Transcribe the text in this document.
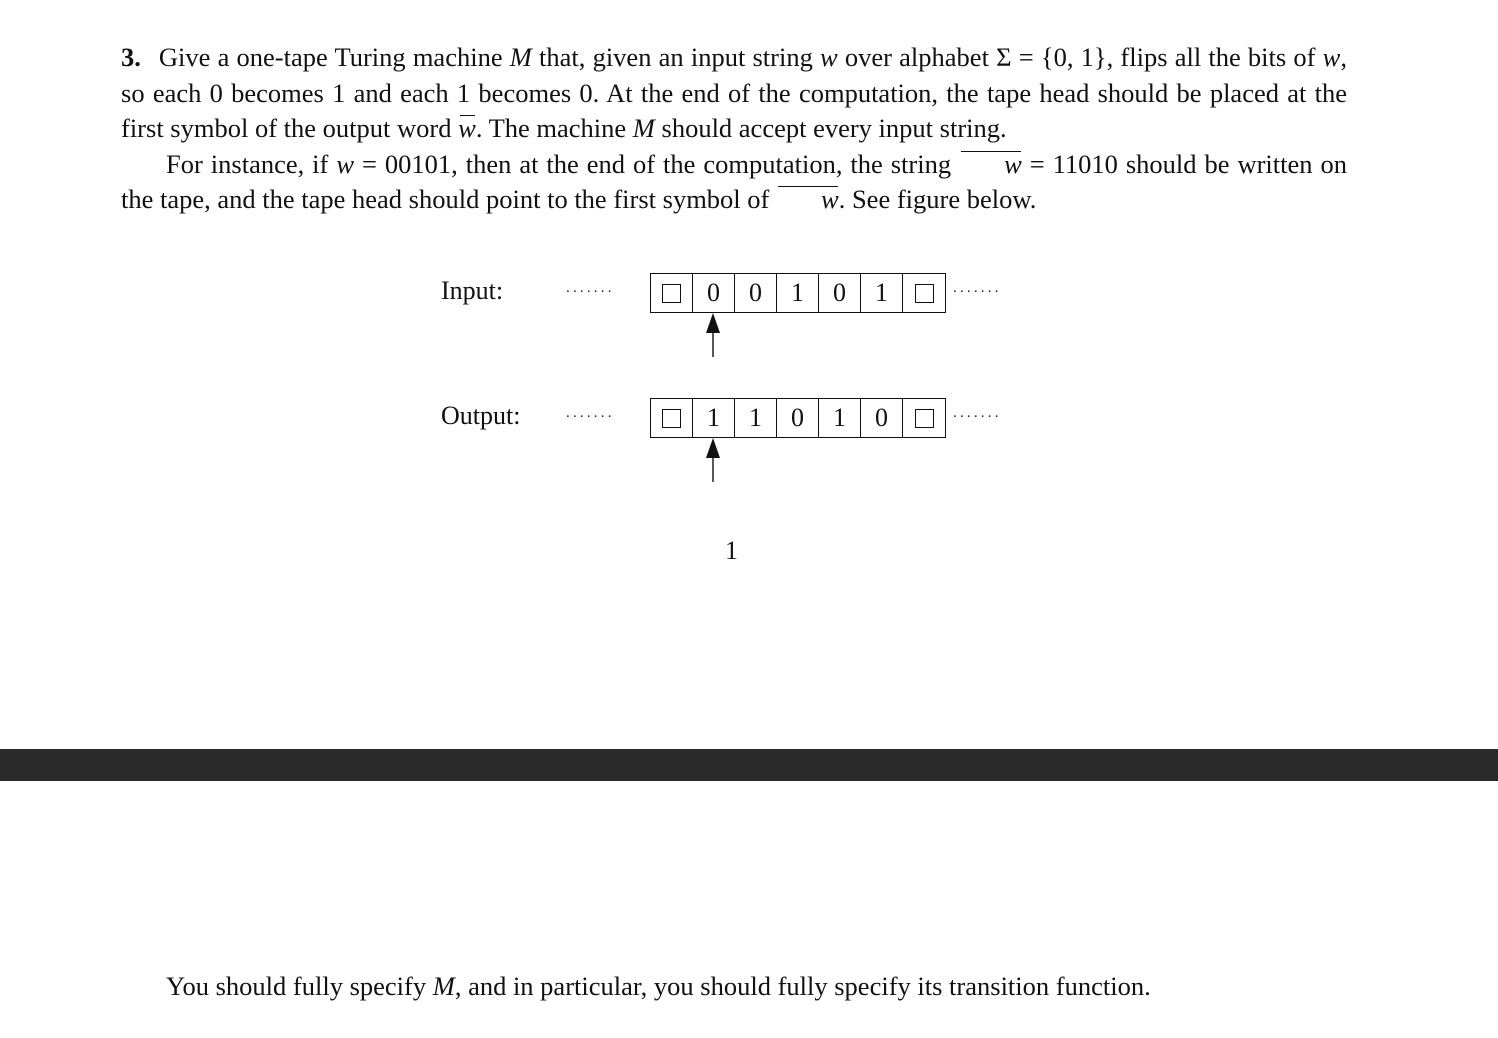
3. Give a one-tape Turing machine M that, given an input string w over alphabet Σ = {0, 1}, flips all the bits of w, so each 0 becomes 1 and each 1 becomes 0. At the end of the computation, the tape head should be placed at the first symbol of the output word w. The machine M should accept every input string.

For instance, if w = 00101, then at the end of the computation, the string w = 11010 should be written on the tape, and the tape head should point to the first symbol of w. See figure below.

Input:	.......	0	0	1	0	1	.......
Output:	.......	1	1	0	1	0	.......
1
You should fully specify M, and in particular, you should fully specify its transition function.
